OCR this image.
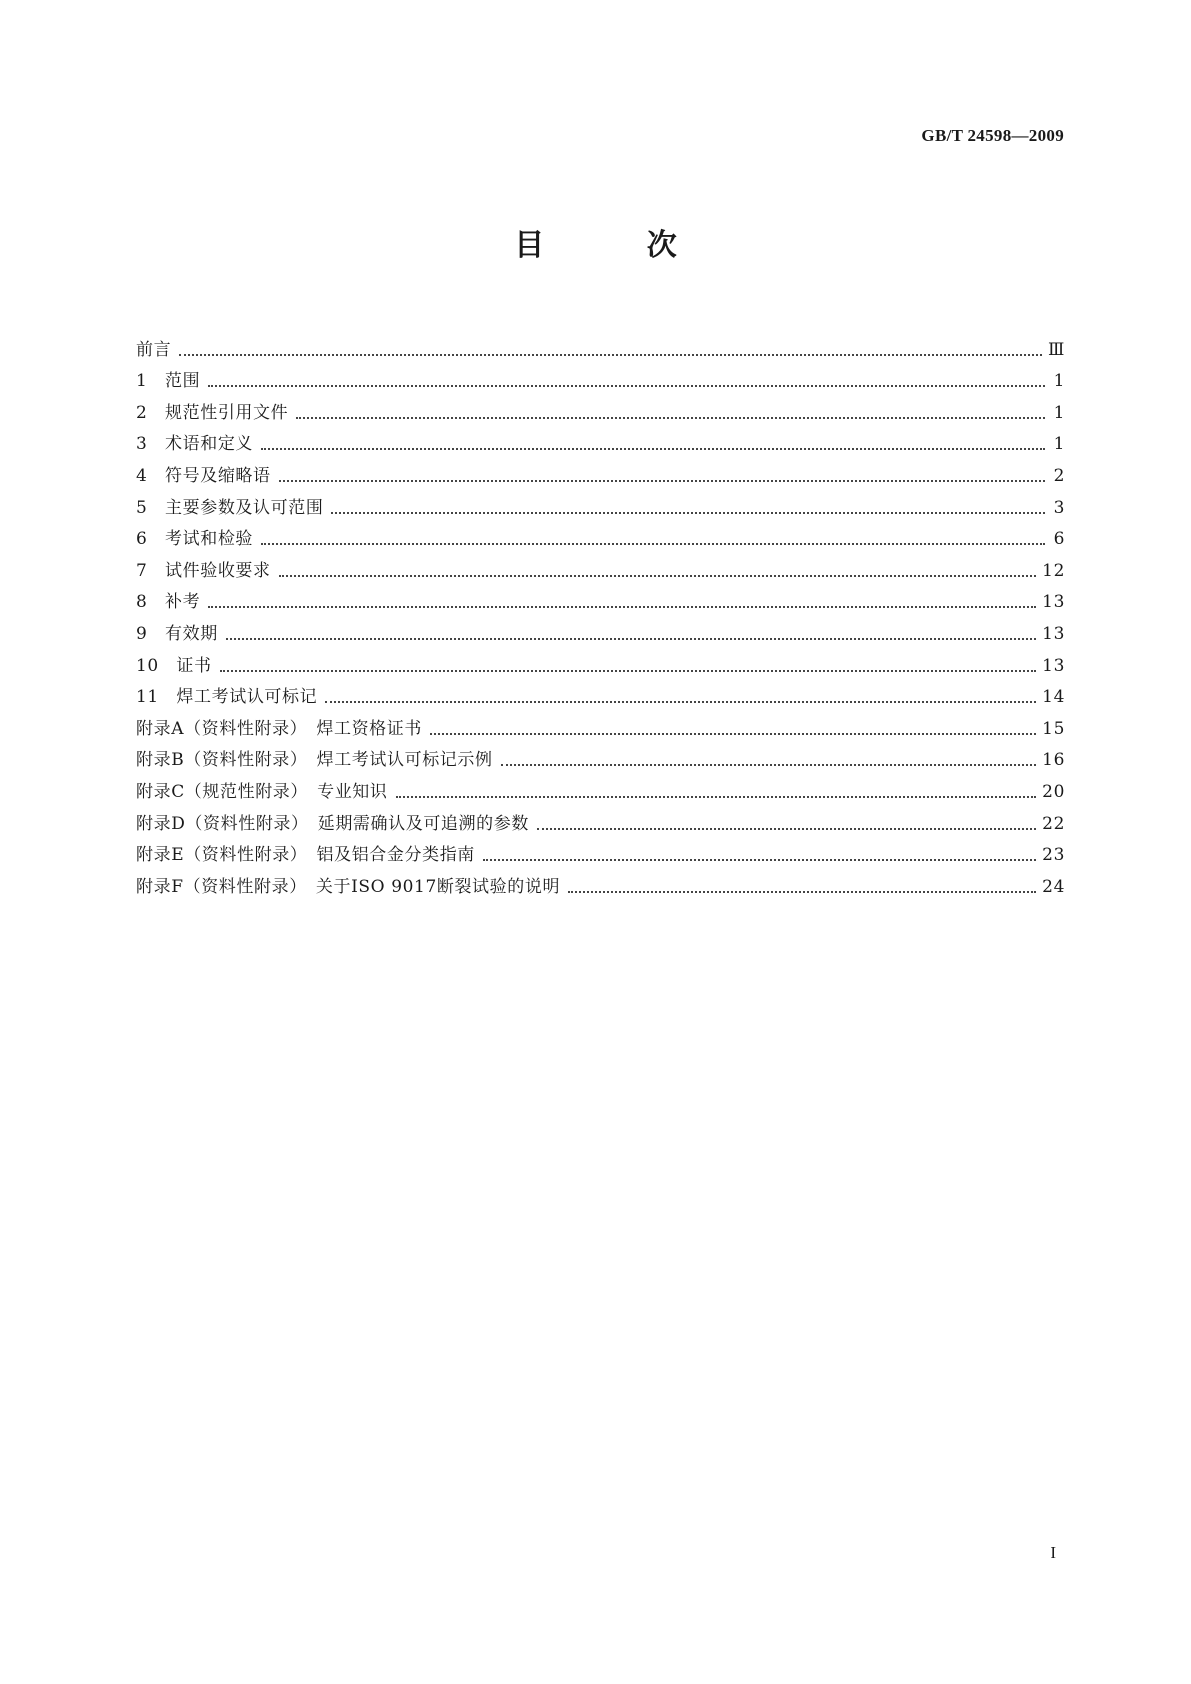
GB/T 24598—2009
目 次
前言	Ⅲ
1　范围	1
2　规范性引用文件	1
3　术语和定义	1
4　符号及缩略语	2
5　主要参数及认可范围	3
6　考试和检验	6
7　试件验收要求	12
8　补考	13
9　有效期	13
10　证书	13
11　焊工考试认可标记	14
附录A（资料性附录）　焊工资格证书	15
附录B（资料性附录）　焊工考试认可标记示例	16
附录C（规范性附录）　专业知识	20
附录D（资料性附录）　延期需确认及可追溯的参数	22
附录E（资料性附录）　铝及铝合金分类指南	23
附录F（资料性附录）　关于ISO 9017断裂试验的说明	24
I
